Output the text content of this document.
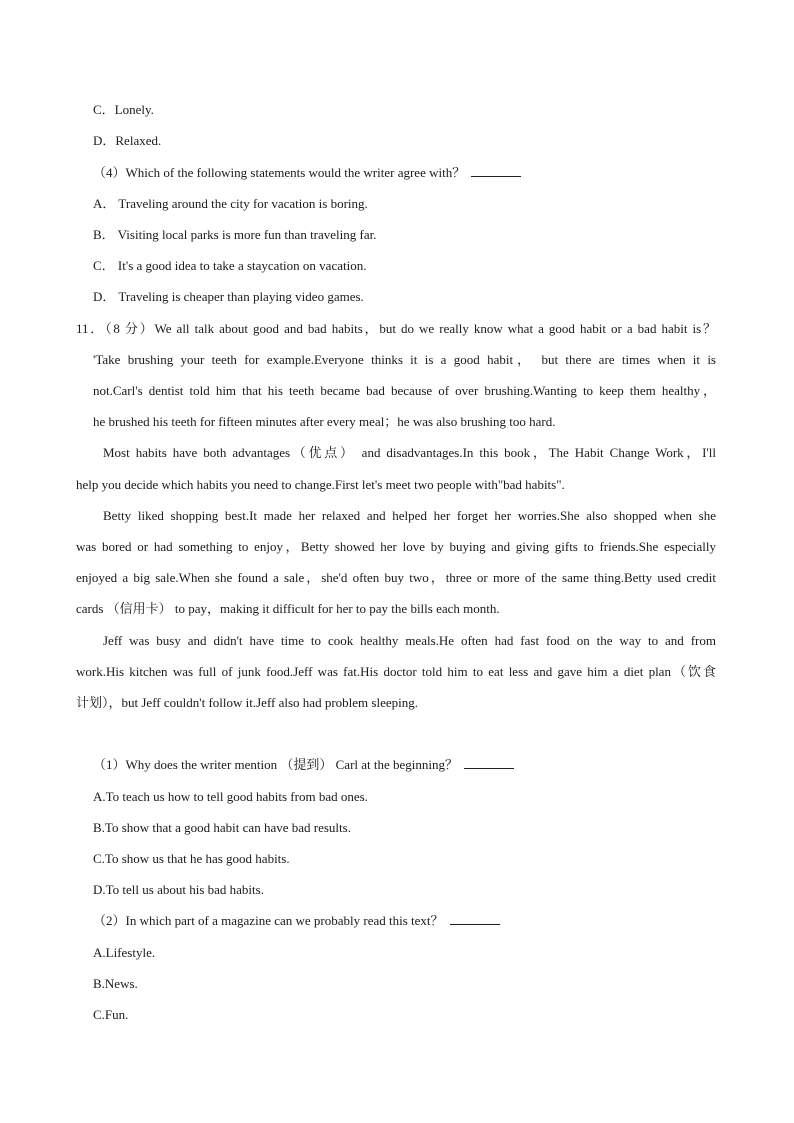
C．Lonely.
D．Relaxed.
（4）Which of the following statements would the writer agree with？
A． Traveling around the city for vacation is boring.
B． Visiting local parks is more fun than traveling far.
C． It's a good idea to take a staycation on vacation.
D． Traveling is cheaper than playing video games.
11．（8 分）We all talk about good and bad habits，but do we really know what a good habit or a bad habit is？
'Take brushing your teeth for example.Everyone thinks it is a good habit， but there are times when it is
not.Carl's dentist told him that his teeth became bad because of over brushing.Wanting to keep them healthy，
he brushed his teeth for fifteen minutes after every meal；he was also brushing too hard.
Most habits have both advantages（优点） and disadvantages.In this book，The Habit Change Work，I'll
help you decide which habits you need to change.First let's meet two people with"bad habits".
Betty liked shopping best.It made her relaxed and helped her forget her worries.She also shopped when she
was bored or had something to enjoy，Betty showed her love by buying and giving gifts to friends.She especially
enjoyed a big sale.When she found a sale，she'd often buy two，three or more of the same thing.Betty used credit
cards （信用卡） to pay，making it difficult for her to pay the bills each month.
Jeff was busy and didn't have time to cook healthy meals.He often had fast food on the way to and from
work.His kitchen was full of junk food.Jeff was fat.His doctor told him to eat less and gave him a diet plan（饮食
计划），but Jeff couldn't follow it.Jeff also had problem sleeping.
（1）Why does the writer mention （提到） Carl at the beginning？
A.To teach us how to tell good habits from bad ones.
B.To show that a good habit can have bad results.
C.To show us that he has good habits.
D.To tell us about his bad habits.
（2）In which part of a magazine can we probably read this text？
A.Lifestyle.
B.News.
C.Fun.
